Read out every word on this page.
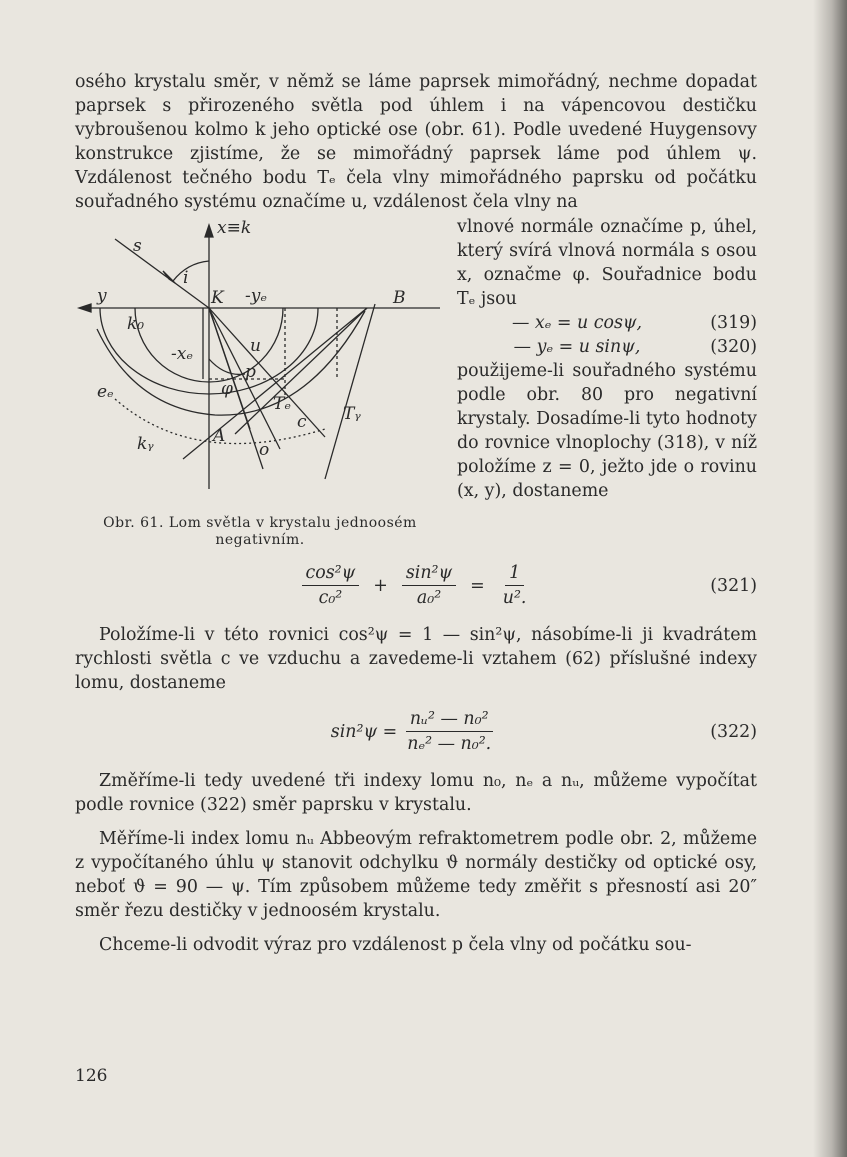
osého krystalu směr, v němž se láme paprsek mimořádný, nechme dopadat paprsek s přirozeného světla pod úhlem i na vápencovou destičku vybroušenou kolmo k jeho optické ose (obr. 61). Podle uvedené Huygensovy konstrukce zjistíme, že se mimořádný paprsek láme pod úhlem ψ. Vzdálenost tečného bodu Tₑ čela vlny mimořádného paprsku od počátku souřadného systému označíme u, vzdálenost čela vlny na

x≡k
s
i
y	K -yₑ	B
k₀
-xₑ	u
p
φ
eₑ
Tₑ
c Tᵧ
A
o
kᵧ
Obr. 61. Lom světla v krystalu jednoosém negativním.

vlnové normále označíme p, úhel, který svírá vlnová normála s osou x, označme φ. Souřadnice bodu Tₑ jsou

— xₑ = u cosψ,	(319)
— yₑ = u sinψ,	(320)

použijeme-li souřadného systému podle obr. 80 pro negativní krystaly. Dosadíme-li tyto hodnoty do rovnice vlnoplochy (318), v níž položíme z = 0, ježto jde o rovinu (x, y), dostaneme

$\frac{\text{cos²ψ}}{\text{c₀²}} + \frac{\text{sin²ψ}}{\text{a₀²}} = \frac{1}{\text{u².}}$	(321)

Položíme-li v této rovnici cos²ψ = 1 — sin²ψ, násobíme-li ji kvadrátem rychlosti světla c ve vzduchu a zavedeme-li vztahem (62) příslušné indexy lomu, dostaneme

$\sin^2\psi = \frac{\text{nᵤ² — n₀²}}{\text{nₑ² — n₀².}}$	(322)

Změříme-li tedy uvedené tři indexy lomu n₀, nₑ a nᵤ, můžeme vypočítat podle rovnice (322) směr paprsku v krystalu.

Měříme-li index lomu nᵤ Abbeovým refraktometrem podle obr. 2, můžeme z vypočítaného úhlu ψ stanovit odchylku ϑ normály destičky od optické osy, neboť ϑ = 90 — ψ. Tím způsobem můžeme tedy změřit s přesností asi 20″ směr řezu destičky v jednoosém krystalu.

Chceme-li odvodit výraz pro vzdálenost p čela vlny od počátku sou-

126
